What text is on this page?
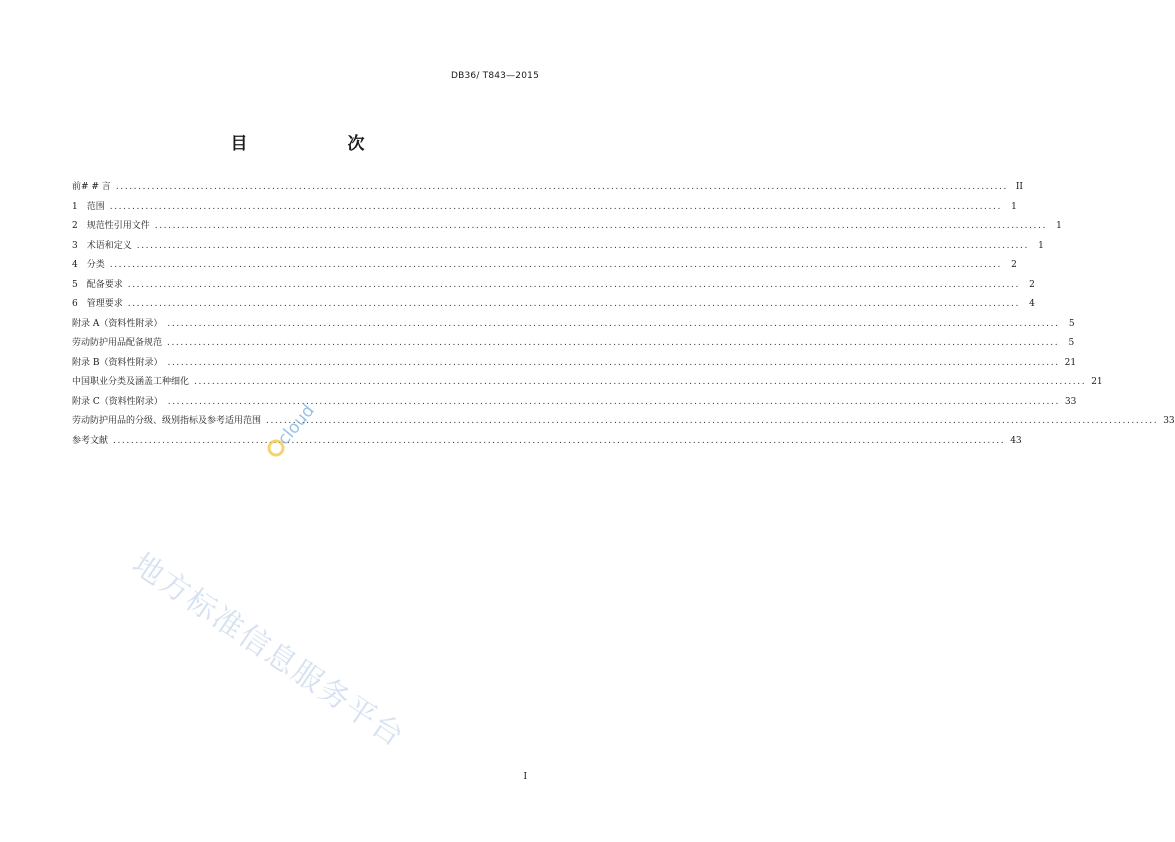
DB36/ T843—2015
目　　次
前# # 言 ........................................................................................................................................................................................................ II
1　范围 ........................................................................................................................................................................................................	1
2　规范性引用文件 ........................................................................................................................................................................................................	1
3　术语和定义 ........................................................................................................................................................................................................	1
4　分类 ........................................................................................................................................................................................................	2
5　配备要求 ........................................................................................................................................................................................................	2
6　管理要求 ........................................................................................................................................................................................................	4
附录 A（资料性附录） ........................................................................................................................................................................................................	5
劳动防护用品配备规范 ........................................................................................................................................................................................................	5
附录 B（资料性附录） ........................................................................................................................................................................................................ 21
中国职业分类及涵盖工种细化 ........................................................................................................................................................................................................ 21
附录 C（资料性附录） ........................................................................................................................................................................................................ 33
劳动防护用品的分级、级别指标及参考适用范围 ........................................................................................................................................................................................................ 33
参考文献 ........................................................................................................................................................................................................ 43
cloud
地方标准信息服务平台
I
